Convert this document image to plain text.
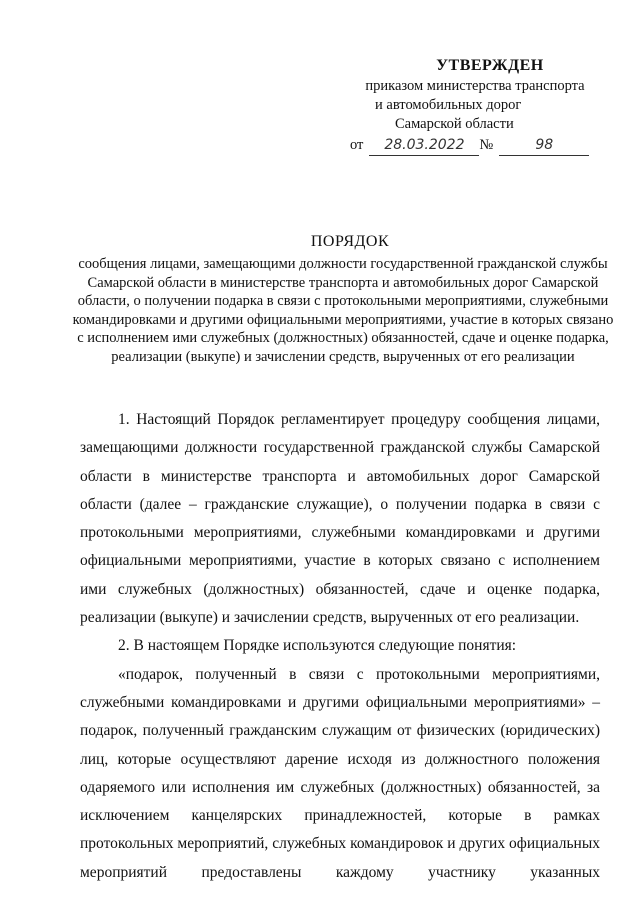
УТВЕРЖДЕН
приказом министерства транспорта
и автомобильных дорог
Самарской области
от	28.03.2022	№	98
ПОРЯДОК
сообщения лицами, замещающими должности государственной гражданской службы Самарской области в министерстве транспорта и автомобильных дорог Самарской области, о получении подарка в связи с протокольными мероприятиями, служебными командировками и другими официальными мероприятиями, участие в которых связано с исполнением ими служебных (должностных) обязанностей, сдаче и оценке подарка, реализации (выкупе) и зачислении средств, вырученных от его реализации

1. Настоящий Порядок регламентирует процедуру сообщения лицами, замещающими должности государственной гражданской службы Самарской области в министерстве транспорта и автомобильных дорог Самарской области (далее – гражданские служащие), о получении подарка в связи с протокольными мероприятиями, служебными командировками и другими официальными мероприятиями, участие в которых связано с исполнением ими служебных (должностных) обязанностей, сдаче и оценке подарка, реализации (выкупе) и зачислении средств, вырученных от его реализации.

2. В настоящем Порядке используются следующие понятия:

«подарок, полученный в связи с протокольными мероприятиями, служебными командировками и другими официальными мероприятиями» – подарок, полученный гражданским служащим от физических (юридических) лиц, которые осуществляют дарение исходя из должностного положения одаряемого или исполнения им служебных (должностных) обязанностей, за исключением канцелярских принадлежностей, которые в рамках протокольных мероприятий, служебных командировок и других официальных мероприятий предоставлены каждому участнику указанных
